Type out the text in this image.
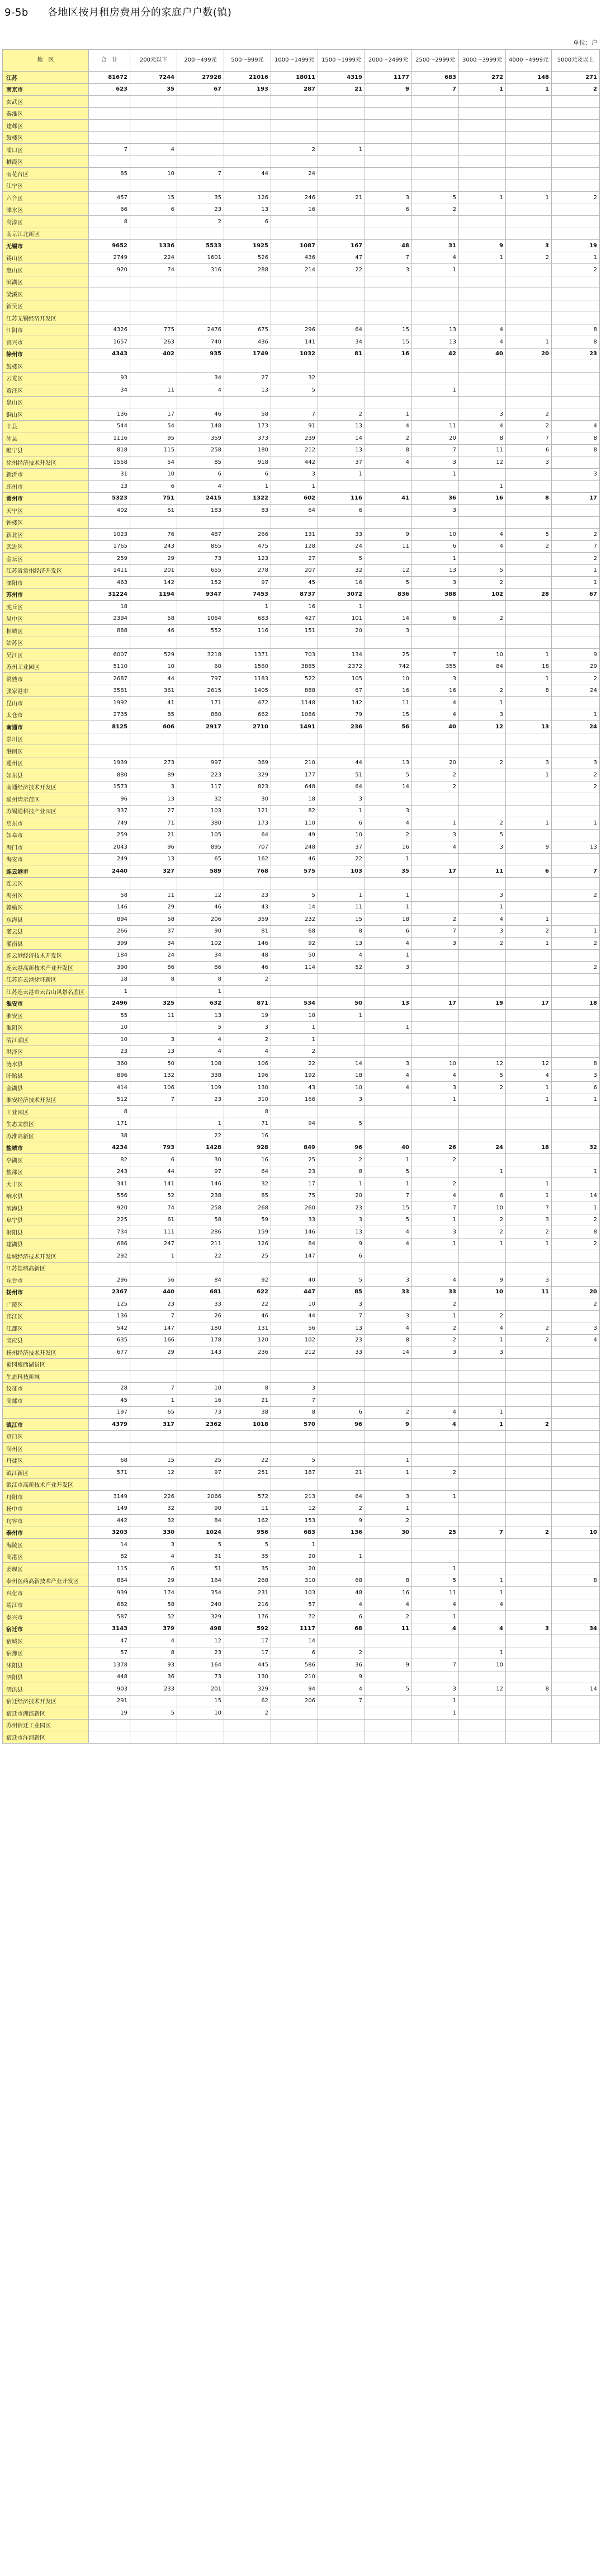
9-5b 各地区按月租房费用分的家庭户户数(镇)
单位：户
地　区	合　计	200元以下	200～499元	500～999元	1000～1499元	1500～1999元	2000～2499元	2500～2999元	3000～3999元	4000～4999元	5000元及以上
江苏	81672	7244	27928	21016	18011	4319	1177	683	272	148	271
南京市	623	35	67	193	287	21	9	7	1	1	2
玄武区											
秦淮区											
建邺区											
鼓楼区											
浦口区	7	4			2	1					
栖霞区											
雨花台区	85	10	7	44	24						
江宁区											
六合区	457	15	35	126	246	21	3	5	1	1	2
溧水区	66	6	23	13	16		6	2			
高淳区	8		2	6							
南京江北新区											
无锡市	9652	1336	5533	1925	1087	167	48	31	9	3	19
锡山区	2749	224	1601	526	436	47	7	4	1	2	1
惠山区	920	74	316	288	214	22	3	1			2
滨湖区											
梁溪区											
新吴区											
江苏无锡经济开发区											
江阴市	4326	775	2476	675	296	64	15	13	4		8
宜兴市	1657	263	740	436	141	34	15	13	4	1	8
徐州市	4343	402	935	1749	1032	81	16	42	40	20	23
鼓楼区											
云龙区	93		34	27	32						
贾汪区	34	11	4	13	5			1			
泉山区											
铜山区	136	17	46	58	7	2	1		3	2	
丰县	544	54	148	173	91	13	4	11	4	2	4
沛县	1116	95	359	373	239	14	2	20	8	7	8
睢宁县	818	115	258	180	212	13	8	7	11	6	8
徐州经济技术开发区	1558	54	85	918	442	37	4	3	12	3	
新沂市	31	10	6	6	3	1		1			3
邳州市	13	6	4	1	1				1		
常州市	5323	751	2415	1322	602	116	41	36	16	8	17
天宁区	402	61	183	83	64	6		3			
钟楼区											
新北区	1023	76	487	266	131	33	9	10	4	5	2
武进区	1765	243	865	475	128	24	11	6	4	2	7
金坛区	259	29	73	123	27	5		1			2
江苏省常州经济开发区	1411	201	655	278	207	32	12	13	5		1
溧阳市	463	142	152	97	45	16	5	3	2		1
苏州市	31224	1194	9347	7453	8737	3072	836	388	102	28	67
虎丘区	18			1	16	1					
吴中区	2394	58	1064	683	427	101	14	6	2		
相城区	888	46	552	116	151	20	3				
姑苏区											
吴江区	6007	529	3218	1371	703	134	25	7	10	1	9
苏州工业园区	5110	10	60	1560	3885	2372	742	355	84	18	29
常熟市	2687	44	797	1183	522	105	10	3		1	2
张家港市	3581	361	2615	1405	888	67	16	16	2	8	24
昆山市	1992	41	171	472	1148	142	11	4	1		
太仓市	2735	85	880	662	1086	79	15	4	3		1
南通市	8125	606	2917	2710	1491	236	56	40	12	13	24
崇川区											
港闸区											
通州区	1939	273	997	369	210	44	13	20	2	3	3
如东县	880	89	223	329	177	51	5	2		1	2
南通经济技术开发区	1573	3	117	823	648	64	14	2			2
通州湾示范区	96	13	32	30	18	3					
苏锡通科技产业园区	337	27	103	121	82	1	3				
启东市	749	71	380	173	110	6	4	1	2	1	1
如皋市	259	21	105	64	49	10	2	3	5		
海门市	2043	96	895	707	248	37	16	4	3	9	13
海安市	249	13	65	162	46	22	1				
连云港市	2440	327	589	768	575	103	35	17	11	6	7
连云区											
海州区	58	11	12	23	5	1	1		3		2
赣榆区	146	29	46	43	14	11	1		1		
东海县	894	58	206	359	232	15	18	2	4	1	
灌云县	266	37	90	81	68	8	6	7	3	2	1
灌南县	399	34	102	146	92	13	4	3	2	1	2
连云港经济技术开发区	184	24	34	48	50	4	1				
连云港高新技术产业开发区	390	86	86	46	114	52	3				2
江苏连云港徐圩新区	18	8	8	2							
江苏连云港市云台山风景名胜区	1		1								
淮安市	2496	325	632	871	534	50	13	17	19	17	18
淮安区	55	11	13	19	10	1					
淮阴区	10		5	3	1		1				
清江浦区	10	3	4	2	1						
洪泽区	23	13	4	4	2						
涟水县	360	50	108	106	22	14	3	10	12	12	8
盱眙县	896	132	338	196	192	18	4	4	5	4	3
金湖县	414	106	109	130	43	10	4	3	2	1	6
淮安经济技术开发区	512	7	23	310	166	3		1		1	1
工业园区	8			8							
生态文旅区	171		1	71	94	5					
苏淮高新区	38		22	16							
盐城市	4234	793	1428	928	849	96	40	26	24	18	32
亭湖区	82	6	30	16	25	2	1	2			
盐都区	243	44	97	64	23	8	5		1		1
大丰区	341	141	146	32	17	1	1	2		1	
响水县	556	52	238	85	75	20	7	4	6	1	14
滨海县	920	74	258	268	260	23	15	7	10	7	1
阜宁县	225	61	58	59	33	3	5	1	2	3	2
射阳县	734	111	286	159	146	13	4	3	2	2	8
建湖县	686	247	211	126	84	9	4	1	1	1	2
盐城经济技术开发区	292	1	22	25	147	6					
江苏盐城高新区											
东台市	296	56	84	92	40	5	3	4	9	3	
扬州市	2367	440	681	622	447	85	33	33	10	11	20
广陵区	125	23	33	22	10	3		2			2
邗江区	136	7	26	46	44	7	3	1	2		
江都区	542	147	180	131	56	13	4	2	4	2	3
宝应县	635	166	178	120	102	23	8	2	1	2	4
扬州经济技术开发区	677	29	143	236	212	33	14	3	3		
蜀冈瘦西湖景区											
生态科技新城											
仪征市	28	7	10	8	3						
高邮市	45	1	16	21	7						
	197	65	73	38	8	6	2	4	1		
镇江市	4379	317	2362	1018	570	96	9	4	1	2	
京口区											
润州区											
丹徒区	68	15	25	22	5		1				
镇江新区	571	12	97	251	187	21	1	2			
镇江市高新技术产业开发区											
丹阳市	3149	226	2066	572	213	64	3	1			
扬中市	149	32	90	11	12	2	1				
句容市	442	32	84	162	153	9	2				
泰州市	3203	330	1024	956	683	136	30	25	7	2	10
海陵区	14	3	5	5	1						
高港区	82	4	31	35	20	1					
姜堰区	115	6	51	35	20			1			
泰州医药高新技术产业开发区	864	29	164	268	310	68	8	5	1		8
兴化市	939	174	354	231	103	48	16	11	1		
靖江市	682	58	240	216	57	4	4	4	4		
泰兴市	587	52	329	176	72	6	2	1			
宿迁市	3143	379	498	592	1117	68	11	4	4	3	34
宿城区	47	4	12	17	14						
宿豫区	57	8	23	17	6	2			1		
沭阳县	1378	93	164	445	586	36	9	7	10		
泗阳县	448	36	73	130	210	9					
泗洪县	903	233	201	329	94	4	5	3	12	8	14
宿迁经济技术开发区	291		15	62	206	7		1			
宿迁市湖滨新区	19	5	10	2				1			
苏州宿迁工业园区											
宿迁市洋河新区											
